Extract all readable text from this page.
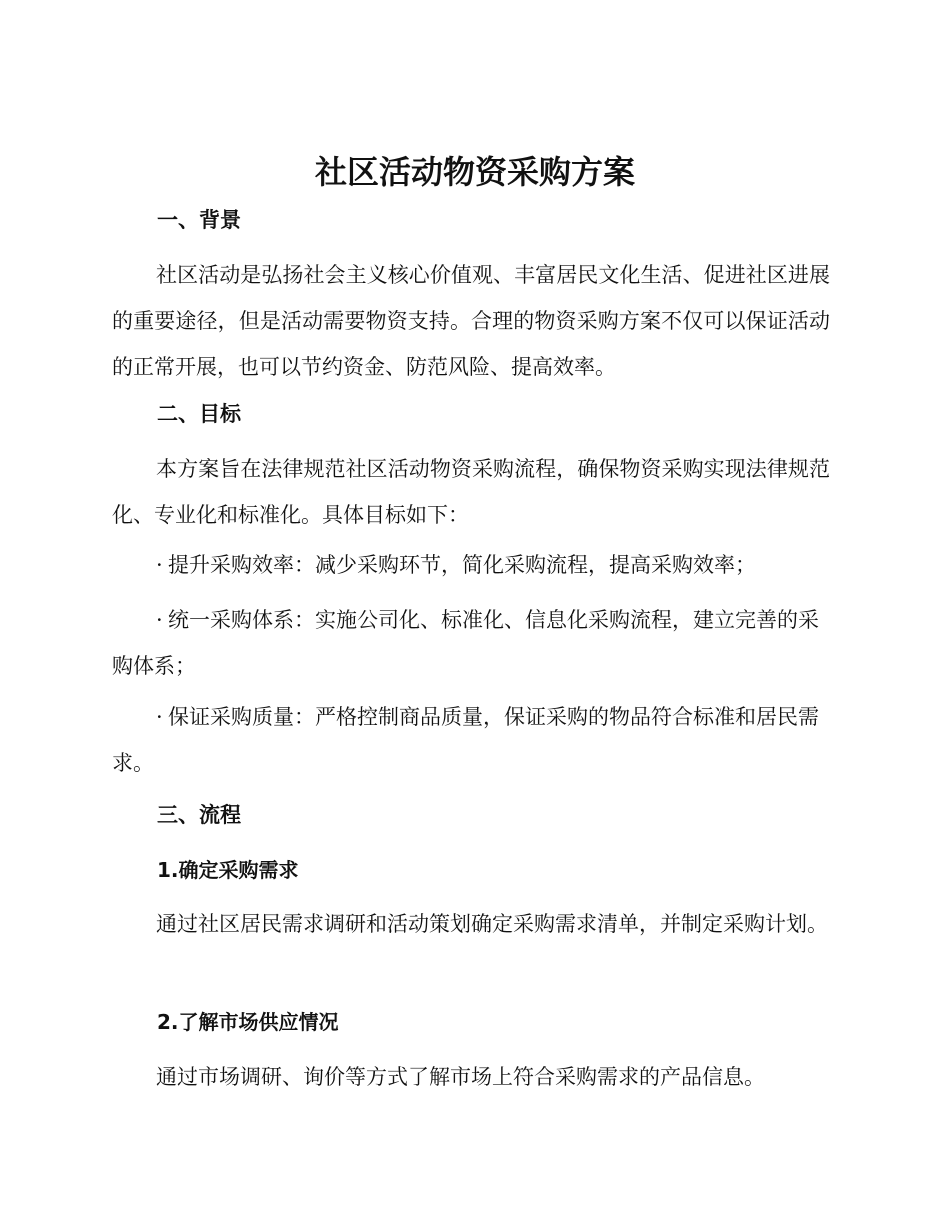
社区活动物资采购方案
一、背景

社区活动是弘扬社会主义核心价值观、丰富居民文化生活、促进社区进展的重要途径，但是活动需要物资支持。合理的物资采购方案不仅可以保证活动的正常开展，也可以节约资金、防范风险、提高效率。

二、目标

本方案旨在法律规范社区活动物资采购流程，确保物资采购实现法律规范化、专业化和标准化。具体目标如下：

· 提升采购效率：减少采购环节，简化采购流程，提高采购效率；

· 统一采购体系：实施公司化、标准化、信息化采购流程，建立完善的采购体系；

· 保证采购质量：严格控制商品质量，保证采购的物品符合标准和居民需求。

三、流程
1.确定采购需求

通过社区居民需求调研和活动策划确定采购需求清单，并制定采购计划。

2.了解市场供应情况

通过市场调研、询价等方式了解市场上符合采购需求的产品信息。
